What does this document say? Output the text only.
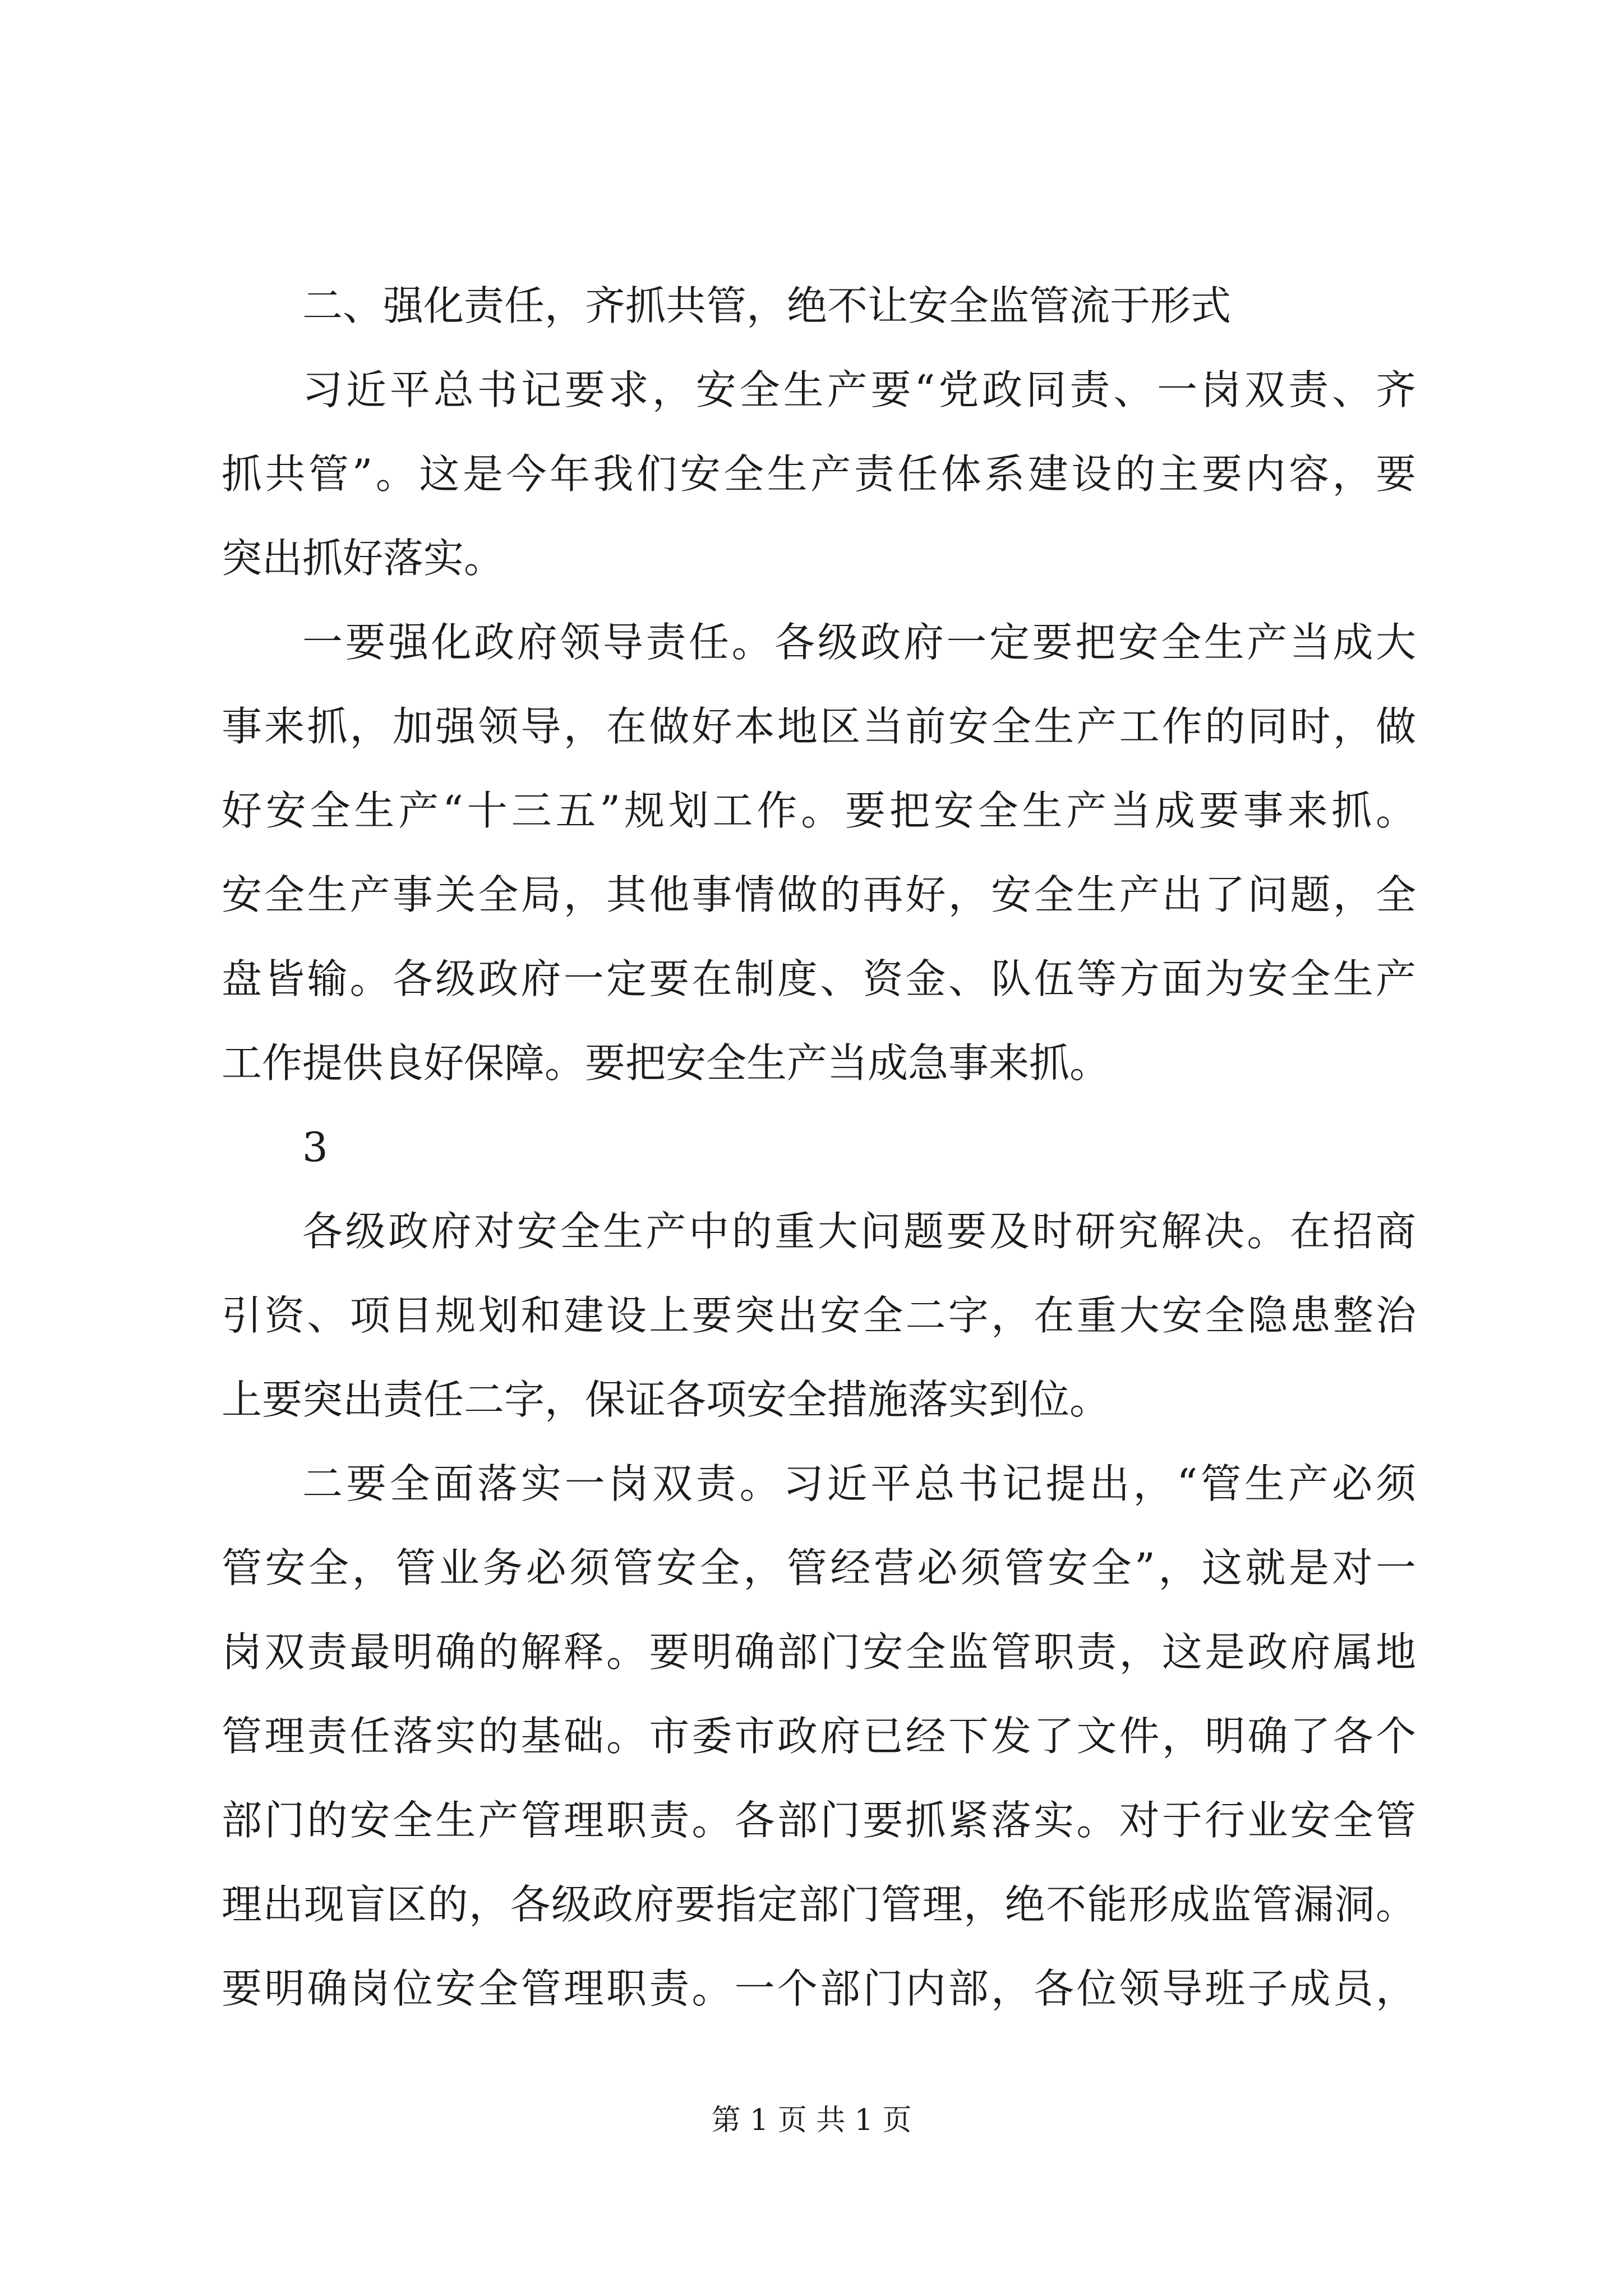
二、强化责任，齐抓共管，绝不让安全监管流于形式
习近平总书记要求，安全生产要“党政同责、一岗双责、齐
抓共管”。这是今年我们安全生产责任体系建设的主要内容，要
突出抓好落实。
一要强化政府领导责任。各级政府一定要把安全生产当成大
事来抓，加强领导，在做好本地区当前安全生产工作的同时，做
好安全生产“十三五”规划工作。要把安全生产当成要事来抓。
安全生产事关全局，其他事情做的再好，安全生产出了问题，全
盘皆输。各级政府一定要在制度、资金、队伍等方面为安全生产
工作提供良好保障。要把安全生产当成急事来抓。
3
各级政府对安全生产中的重大问题要及时研究解决。在招商
引资、项目规划和建设上要突出安全二字，在重大安全隐患整治
上要突出责任二字，保证各项安全措施落实到位。
二要全面落实一岗双责。习近平总书记提出，“管生产必须
管安全，管业务必须管安全，管经营必须管安全”，这就是对一
岗双责最明确的解释。要明确部门安全监管职责，这是政府属地
管理责任落实的基础。市委市政府已经下发了文件，明确了各个
部门的安全生产管理职责。各部门要抓紧落实。对于行业安全管
理出现盲区的，各级政府要指定部门管理，绝不能形成监管漏洞。
要明确岗位安全管理职责。一个部门内部，各位领导班子成员，
第 1 页 共 1 页
